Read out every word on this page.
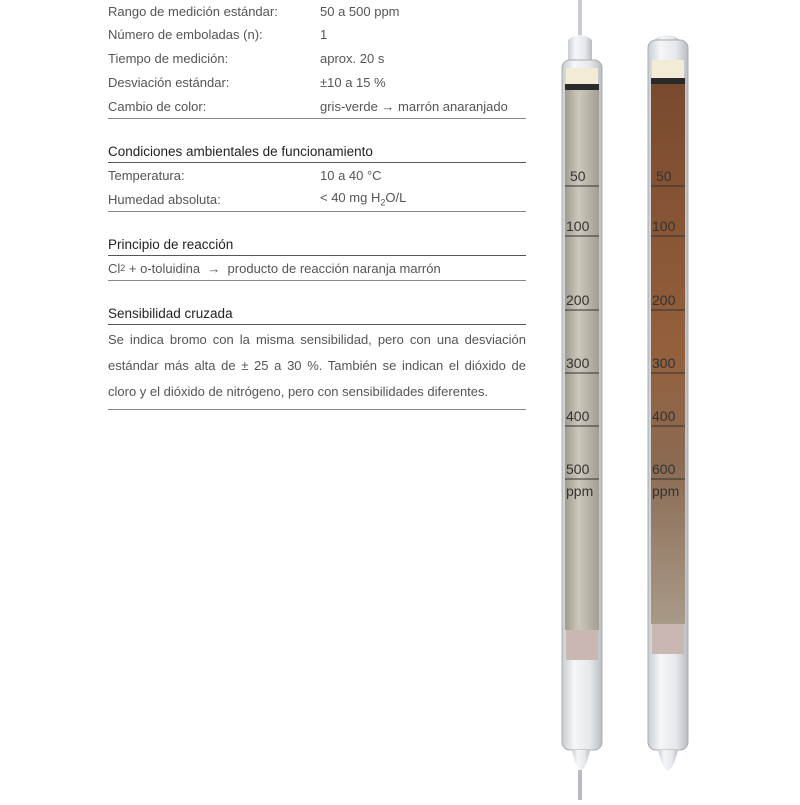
Rango de medición estándar:	50 a 500 ppm
Número de emboladas (n):	1
Tiempo de medición:	aprox. 20 s
Desviación estándar:	±10 a 15 %
Cambio de color:	gris-verde → marrón anaranjado
Condiciones ambientales de funcionamiento
Temperatura:	10 a 40 °C
Humedad absoluta:	< 40 mg $H_2O/L$
Principio de reacción
Cl 2 + o-toluidina  →  producto de reacción naranja marrón
Sensibilidad cruzada

Se indica bromo con la misma sensibilidad, pero con una desviación estándar más alta de ± 25 a 30 %. También se indican el dióxido de cloro y el dióxido de nitrógeno, pero con sensibilidades diferentes.

50
100
200
300
400
500
ppm
50
100
200
300
400
600
ppm
